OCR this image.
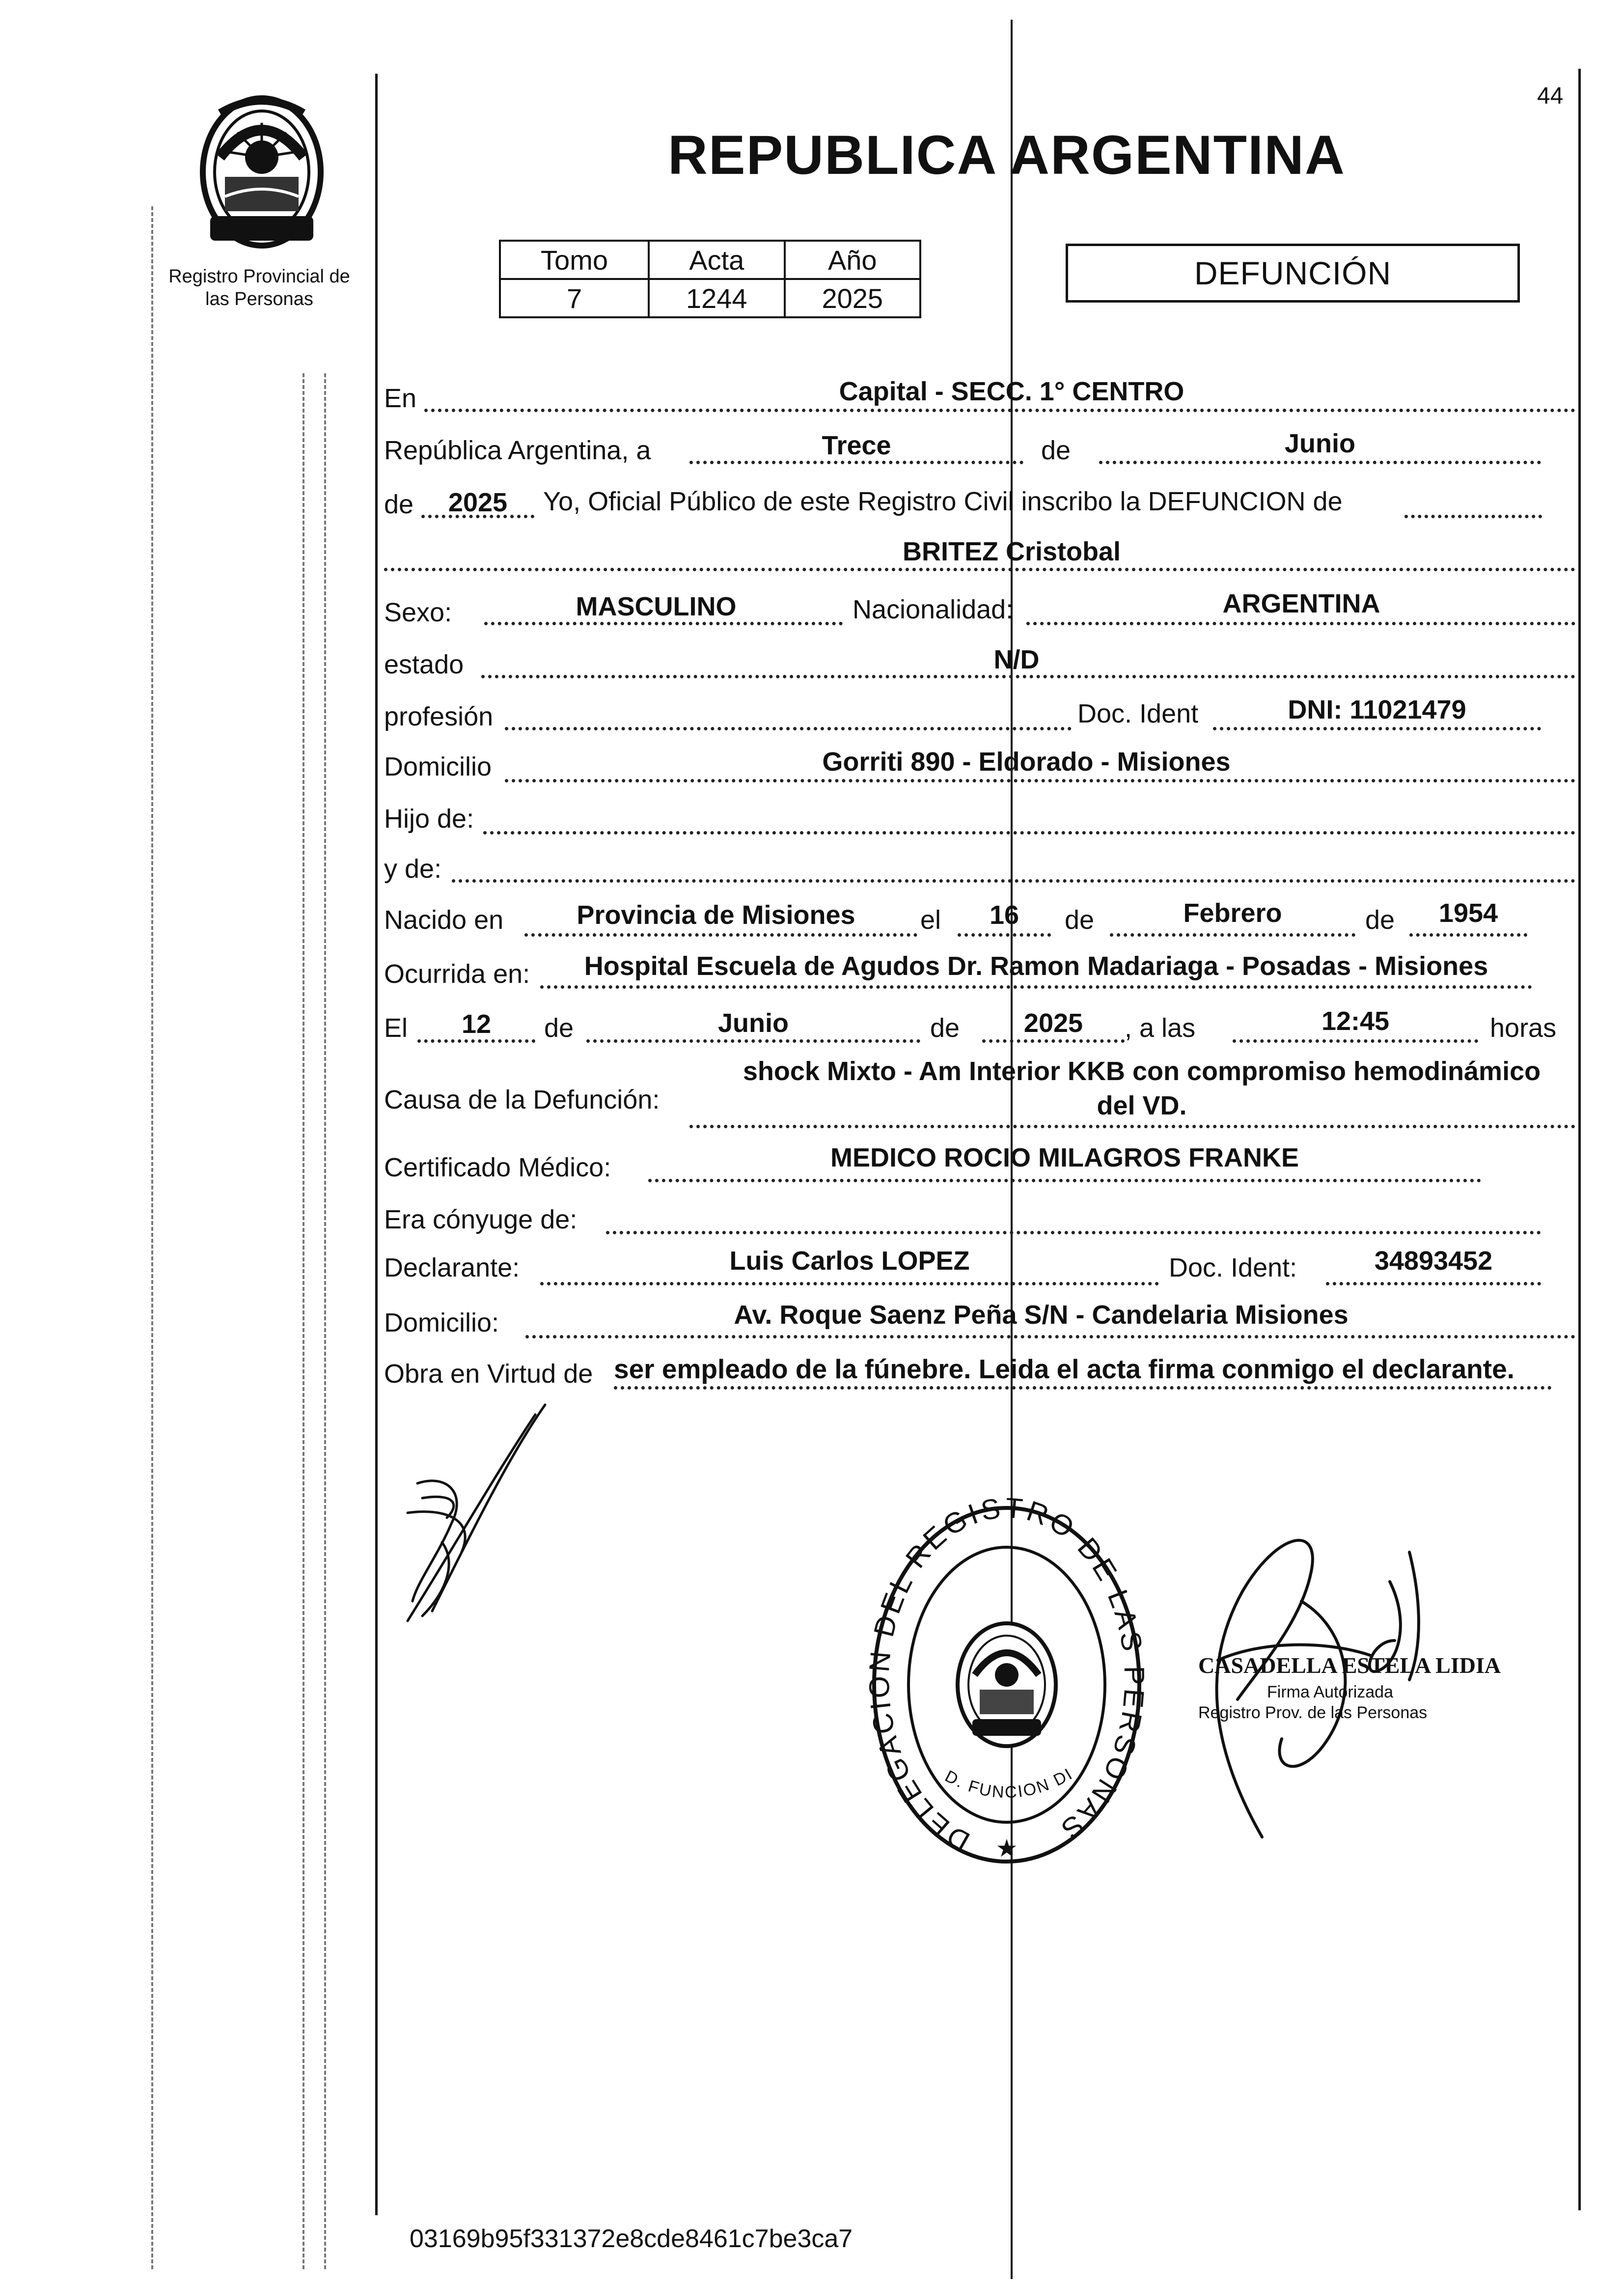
44
Registro Provincial de las Personas
REPUBLICA ARGENTINA
Tomo	Acta	Año
7	1244	2025
DEFUNCIÓN
En	Capital - SECC. 1° CENTRO
República Argentina, a	Trece	de	Junio
de	2025	Yo, Oficial Público de este Registro Civil inscribo la DEFUNCION de
BRITEZ Cristobal
Sexo:	MASCULINO	Nacionalidad:	ARGENTINA
estado	N/D
profesión	Doc. Ident	DNI: 11021479
Domicilio	Gorriti 890 - Eldorado - Misiones
Hijo de:
y de:
Nacido en	Provincia de Misiones	el	16	de	Febrero	de	1954
Ocurrida en:	Hospital Escuela de Agudos Dr. Ramon Madariaga - Posadas - Misiones
El	12	de	Junio	de	2025	, a las	12:45	horas
Causa de la Defunción:
shock Mixto - Am Interior KKB con compromiso hemodinámico
del VD.
Certificado Médico:	MEDICO ROCIO MILAGROS FRANKE
Era cónyuge de:
Declarante:	Luis Carlos LOPEZ	Doc. Ident:	34893452
Domicilio:	Av. Roque Saenz Peña S/N - Candelaria Misiones
Obra en Virtud de ser empleado de la fúnebre. Leida el acta firma conmigo el declarante.
DELEGA DEL REGISTRO DE LA SONAS
D. FUNCION DI
★
CASADELLA ESTELA LIDIA
Firma Autorizada
Registro Prov. de las Personas
03169b95f331372e8cde8461c7be3ca7
